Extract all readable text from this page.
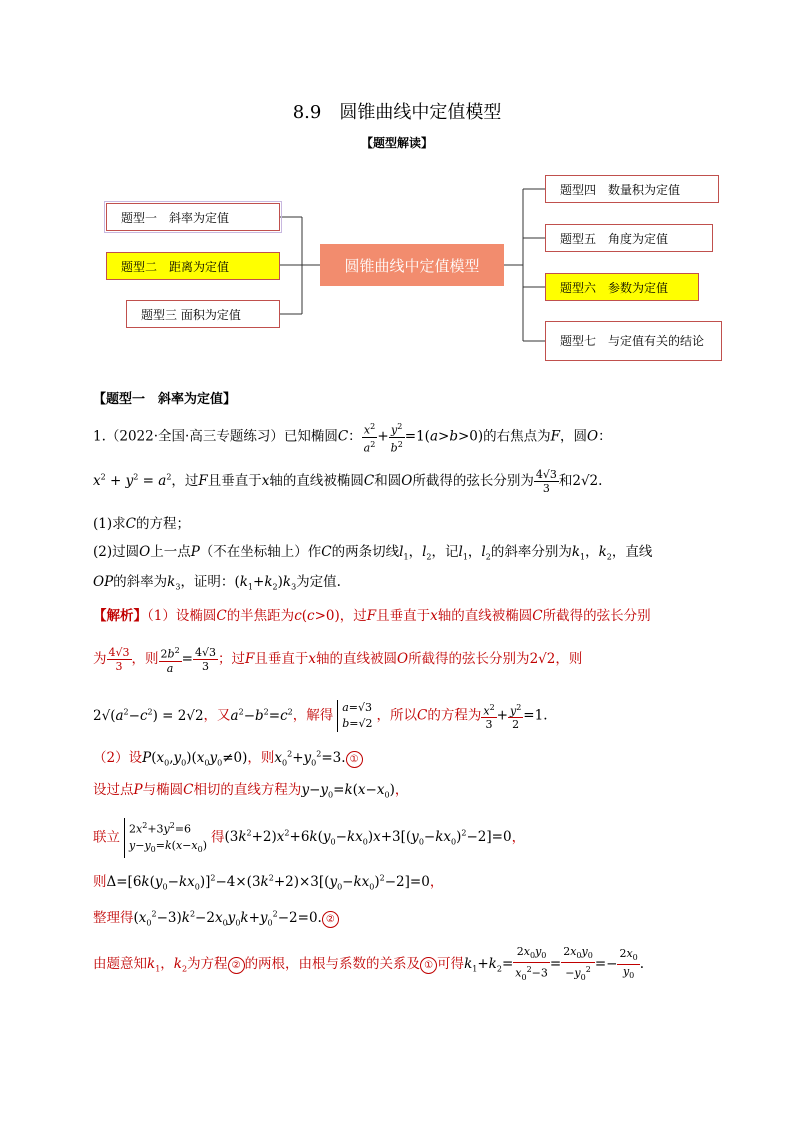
8.9　圆锥曲线中定值模型
【题型解读】
圆锥曲线中定值模型
题型一　斜率为定值
题型二　距离为定值
题型三 面积为定值
题型四　数量积为定值
题型五　角度为定值
题型六　参数为定值
题型七　与定值有关的结论
【题型一　斜率为定值】
1.（2022·全国·高三专题练习）已知椭圆C： $\frac{x^2}{a^2} + \frac{y^2}{b^2} =1(a>b>0)$的右焦点为F，圆O：
$x^2 + y^2 = a^2$，过F且垂直于x轴的直线被椭圆C和圆O所截得的弦长分别为 $\frac{4√3}{3}$ 和2√2.
(1)求C的方程；
(2)过圆O上一点P（不在坐标轴上）作C的两条切线$l_1$，$l_2$，记$l_1$，$l_2$的斜率分别为$k_1$，$k_2$，直线
OP的斜率为$k_3$，证明：$(k_1+k_2)k_3$为定值.
【解析】（1）设椭圆C的半焦距为c(c>0)，过F且垂直于x轴的直线被椭圆C所截得的弦长分别
为 $\frac{4√3}{3}$ ，则 $\frac{2b^2}{a} = \frac{4√3}{3}$ ；过F且垂直于x轴的直线被圆O所截得的弦长分别为2√2，则
$2√(a^2-c^2) = 2√2$，又$a^2-b^2=c^2$，解得 a=√3
b=√2 ，所以C的方程为 $\frac{x^2}{3} + \frac{y^2}{2} =1$.
（2）设$P(x_0,y_0)(x_0y_0\ne 0)$，则$x_0^2+y_0^2=3$. ①
设过点P与椭圆C相切的直线方程为$y-y_0=k(x-x_0)$，
联立$2x^2+3y^2=6$
$y-y_0=k(x-x_0)$ 得$(3k^2+2)x^2+6k(y_0-kx_0)x+3[(y_0-kx_0)^2-2]=0$，
则$\Delta=[6k(y_0-kx_0)]^2-4\times(3k^2+2)\times 3[(y_0-kx_0)^2-2]=0$，
整理得$(x_0^2-3)k^2-2x_0y_0k+y_0^2-2=0$. ②
由题意知$k_1$，$k_2$为方程 ② 的两根，由根与系数的关系及 ① 可得$k_1+k_2= \frac{2x_0y_0}{x_0^2-3} = \frac{2x_0y_0}{-y_0^2} =- \frac{2x_0}{y_0}$ .
